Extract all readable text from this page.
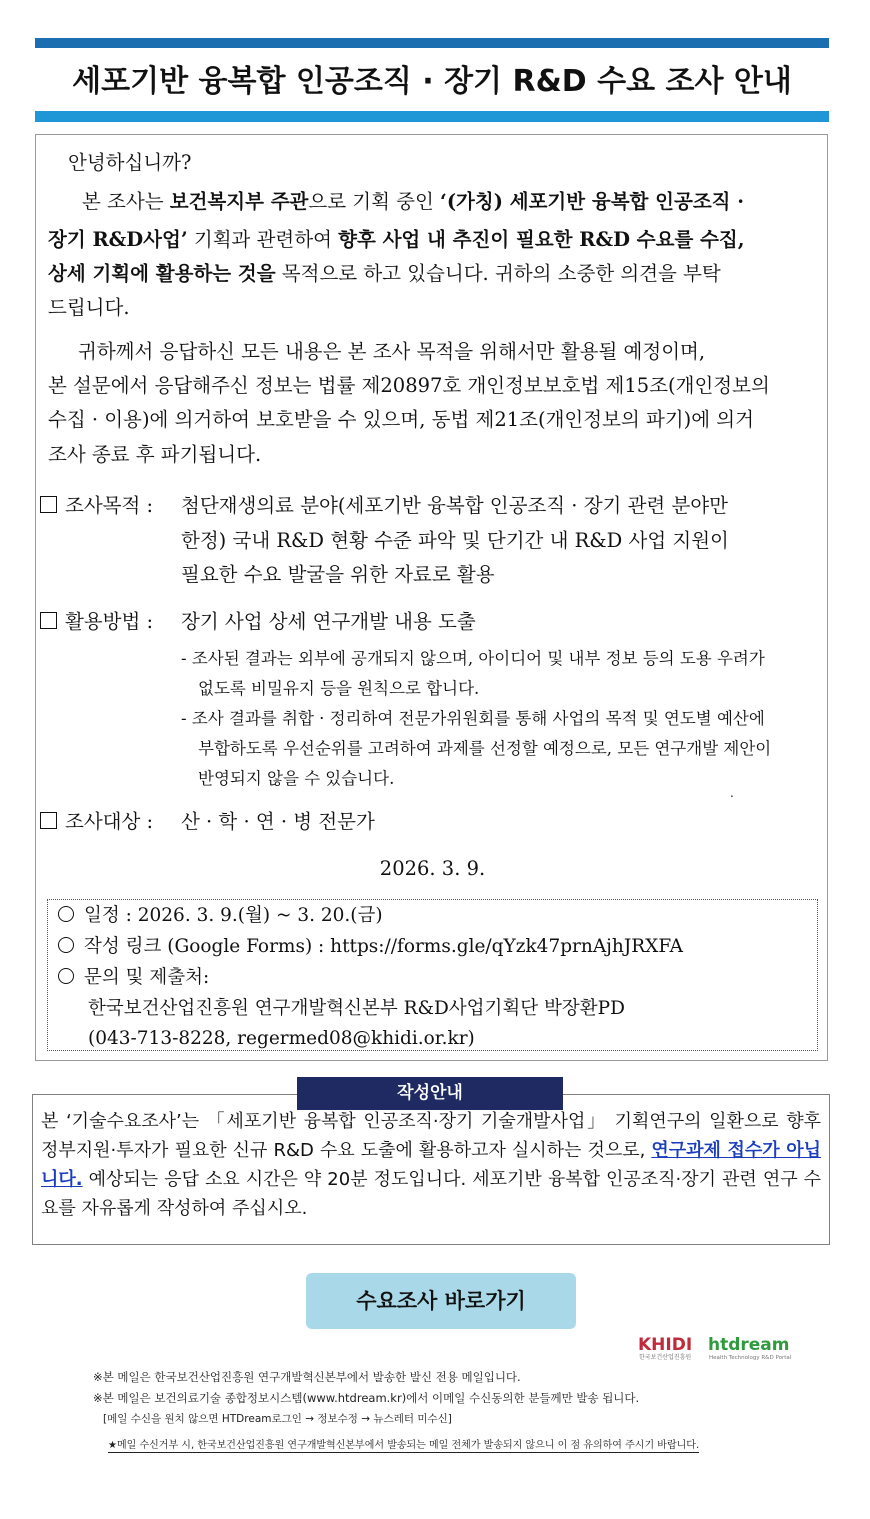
세포기반 융복합 인공조직 · 장기 R&D 수요 조사 안내
안녕하십니까?
본 조사는 보건복지부 주관으로 기획 중인 ‘(가칭) 세포기반 융복합 인공조직 ·
장기 R&D사업’ 기획과 관련하여 향후 사업 내 추진이 필요한 R&D 수요를 수집,
상세 기획에 활용하는 것을 목적으로 하고 있습니다. 귀하의 소중한 의견을 부탁
드립니다.
귀하께서 응답하신 모든 내용은 본 조사 목적을 위해서만 활용될 예정이며,
본 설문에서 응답해주신 정보는 법률 제20897호 개인정보보호법 제15조(개인정보의
수집 · 이용)에 의거하여 보호받을 수 있으며, 동법 제21조(개인정보의 파기)에 의거
조사 종료 후 파기됩니다.
조사목적 : 첨단재생의료 분야(세포기반 융복합 인공조직 · 장기 관련 분야만
한정) 국내 R&D 현황 수준 파악 및 단기간 내 R&D 사업 지원이
필요한 수요 발굴을 위한 자료로 활용
활용방법 : 장기 사업 상세 연구개발 내용 도출
- 조사된 결과는 외부에 공개되지 않으며, 아이디어 및 내부 정보 등의 도용 우려가
없도록 비밀유지 등을 원칙으로 합니다.
- 조사 결과를 취합 · 정리하여 전문가위원회를 통해 사업의 목적 및 연도별 예산에
부합하도록 우선순위를 고려하여 과제를 선정할 예정으로, 모든 연구개발 제안이
반영되지 않을 수 있습니다.
.
조사대상 : 산 · 학 · 연 · 병 전문가
2026. 3. 9.
일정 : 2026. 3. 9.(월) ~ 3. 20.(금)
작성 링크 (Google Forms) : https://forms.gle/qYzk47prnAjhJRXFA
문의 및 제출처:
한국보건산업진흥원 연구개발혁신본부 R&D사업기획단 박장환PD
(043-713-8228, regermed08@khidi.or.kr)
본 ‘기술수요조사’는 「세포기반 융복합 인공조직·장기 기술개발사업」 기획연구의 일환으로 향후 정부지원·투자가 필요한 신규 R&D 수요 도출에 활용하고자 실시하는 것으로, 연구과제 접수가 아닙니다. 예상되는 응답 소요 시간은 약 20분 정도입니다. 세포기반 융복합 인공조직·장기 관련 연구 수요를 자유롭게 작성하여 주십시오.
작성안내
수요조사 바로가기
KHIDI
한국보건산업진흥원
htdream
Health Technology R&D Portal
※본 메일은 한국보건산업진흥원 연구개발혁신본부에서 발송한 발신 전용 메일입니다.
※본 메일은 보건의료기술 종합정보시스템(www.htdream.kr)에서 이메일 수신동의한 분들께만 발송 됩니다.
[메일 수신을 원치 않으면 HTDream로그인 → 정보수정 → 뉴스레터 미수신]
★메일 수신거부 시, 한국보건산업진흥원 연구개발혁신본부에서 발송되는 메일 전체가 발송되지 않으니 이 점 유의하여 주시기 바랍니다.
